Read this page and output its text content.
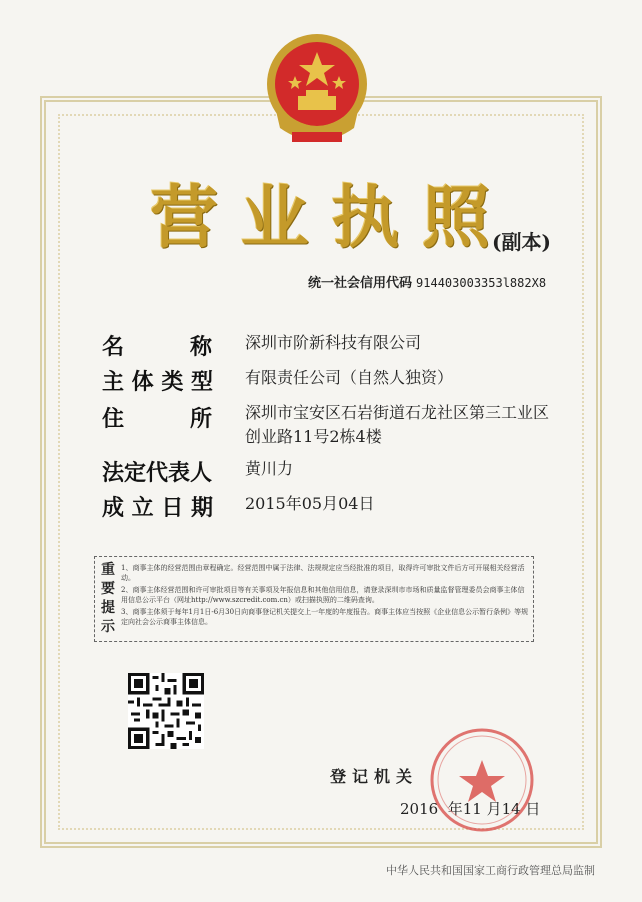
营 业 执 照 (副本)
统一社会信用代码 914403003353l882X8
名　　　称 深圳市阶新科技有限公司
主 体 类 型 有限责任公司（自然人独资）
住　　　所 深圳市宝安区石岩街道石龙社区第三工业区
创业路11号2栋4楼
法定代表人 黄川力
成 立 日 期 2015年05月04日
重要提示
1、商事主体的经营范围由章程确定。经营范围中属于法律、法规规定应当经批准的项目，取得许可审批文件后方可开展相关经营活动。
2、商事主体经营范围和许可审批项目等有关事项及年报信息和其他信用信息，请登录深圳市市场和质量监督管理委员会商事主体信用信息公示平台（网址http://www.szcredit.com.cn）或扫描执照的二维码查询。
3、商事主体须于每年1月1日-6月30日向商事登记机关提交上一年度的年度报告。商事主体应当按照《企业信息公示暂行条例》等规定向社会公示商事主体信息。
登记机关
2016  年11 月14 日
中华人民共和国国家工商行政管理总局监制
